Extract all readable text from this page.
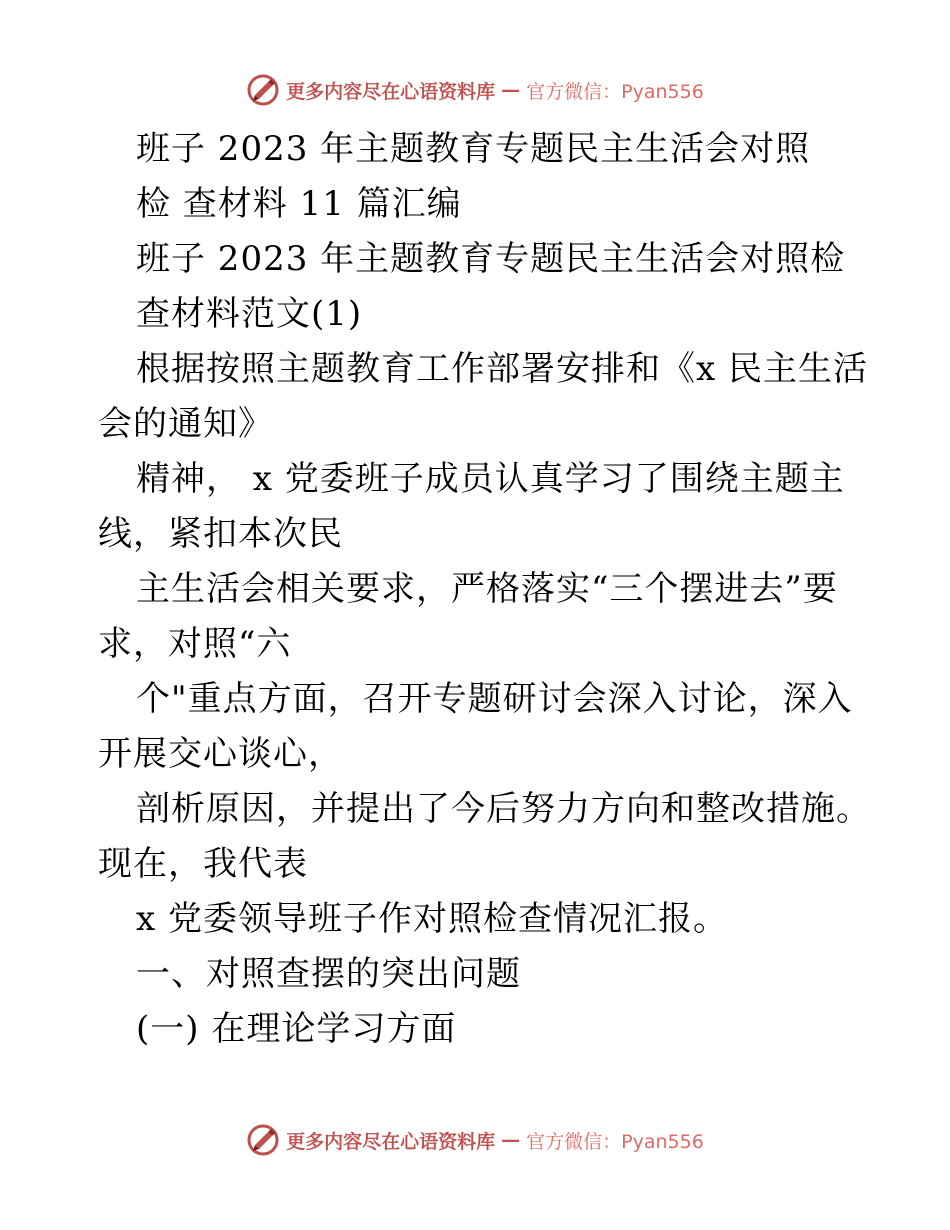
更多内容尽在心语资料库 — 官方微信：Pyan556
班子 2023 年主题教育专题民主生活会对照
检 查材料 11 篇汇编
班子 2023 年主题教育专题民主生活会对照检
查材料范文(1)
根据按照主题教育工作部署安排和《x 民主生活
会的通知》
精神， x 党委班子成员认真学习了围绕主题主
线，紧扣本次民
主生活会相关要求，严格落实“三个摆进去”要
求，对照“六
个"重点方面，召开专题研讨会深入讨论，深入
开展交心谈心，
剖析原因，并提出了今后努力方向和整改措施。
现在，我代表
x 党委领导班子作对照检查情况汇报。
一、对照查摆的突出问题
(一) 在理论学习方面
更多内容尽在心语资料库 — 官方微信：Pyan556
